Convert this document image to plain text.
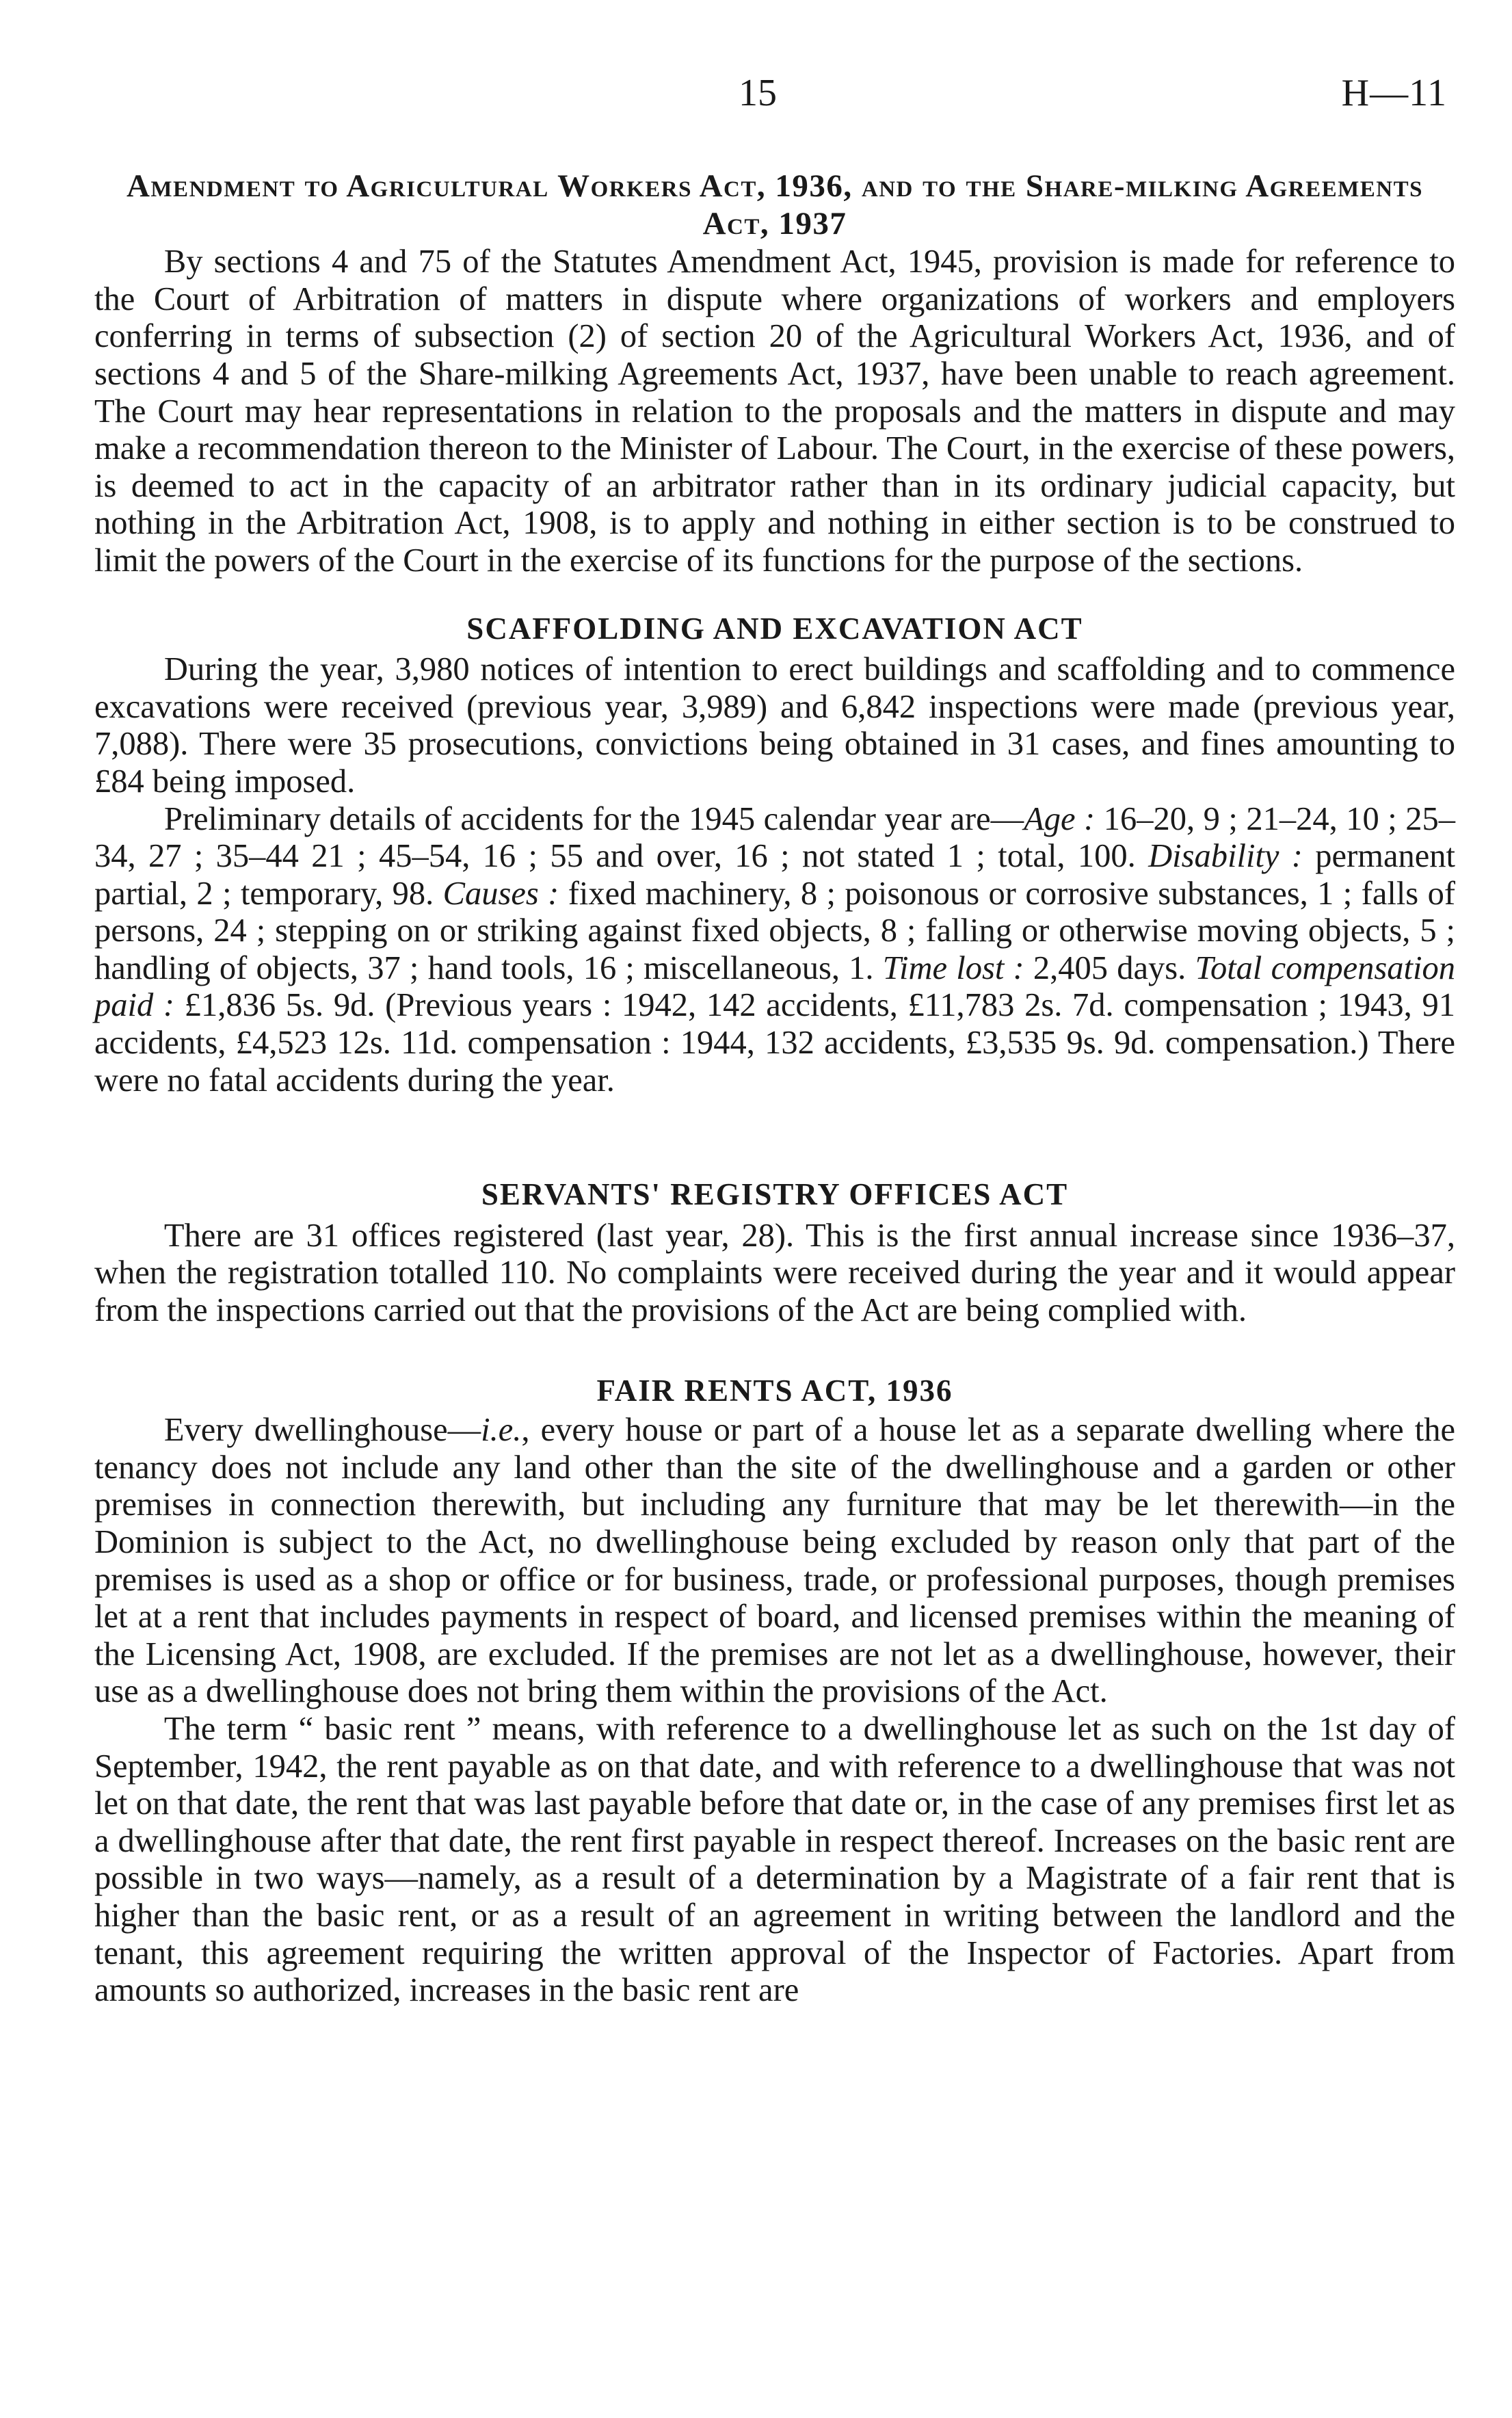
15	H—11
Amendment to Agricultural Workers Act, 1936, and to the Share-milking Agreements Act, 1937

By sections 4 and 75 of the Statutes Amendment Act, 1945, provision is made for reference to the Court of Arbitration of matters in dispute where organizations of workers and employers conferring in terms of subsection (2) of section 20 of the Agricultural Workers Act, 1936, and of sections 4 and 5 of the Share-milking Agreements Act, 1937, have been unable to reach agreement. The Court may hear representations in relation to the proposals and the matters in dispute and may make a recommendation thereon to the Minister of Labour. The Court, in the exercise of these powers, is deemed to act in the capacity of an arbitrator rather than in its ordinary judicial capacity, but nothing in the Arbitration Act, 1908, is to apply and nothing in either section is to be construed to limit the powers of the Court in the exercise of its functions for the purpose of the sections.

SCAFFOLDING AND EXCAVATION ACT

During the year, 3,980 notices of intention to erect buildings and scaffolding and to commence excavations were received (previous year, 3,989) and 6,842 inspections were made (previous year, 7,088). There were 35 prosecutions, convictions being obtained in 31 cases, and fines amounting to £84 being imposed.

Preliminary details of accidents for the 1945 calendar year are—Age : 16–20, 9 ; 21–24, 10 ; 25–34, 27 ; 35–44 21 ; 45–54, 16 ; 55 and over, 16 ; not stated 1 ; total, 100. Disability : permanent partial, 2 ; temporary, 98. Causes : fixed machinery, 8 ; poisonous or corrosive substances, 1 ; falls of persons, 24 ; stepping on or striking against fixed objects, 8 ; falling or otherwise moving objects, 5 ; handling of objects, 37 ; hand tools, 16 ; miscellaneous, 1. Time lost : 2,405 days. Total compensation paid : £1,836 5s. 9d. (Previous years : 1942, 142 accidents, £11,783 2s. 7d. compensation ; 1943, 91 accidents, £4,523 12s. 11d. compensation : 1944, 132 accidents, £3,535 9s. 9d. compensation.) There were no fatal accidents during the year.

SERVANTS' REGISTRY OFFICES ACT

There are 31 offices registered (last year, 28). This is the first annual increase since 1936–37, when the registration totalled 110. No complaints were received during the year and it would appear from the inspections carried out that the provisions of the Act are being complied with.

FAIR RENTS ACT, 1936

Every dwellinghouse—i.e., every house or part of a house let as a separate dwelling where the tenancy does not include any land other than the site of the dwellinghouse and a garden or other premises in connection therewith, but including any furniture that may be let therewith—in the Dominion is subject to the Act, no dwellinghouse being excluded by reason only that part of the premises is used as a shop or office or for business, trade, or professional purposes, though premises let at a rent that includes payments in respect of board, and licensed premises within the meaning of the Licensing Act, 1908, are excluded. If the premises are not let as a dwellinghouse, however, their use as a dwellinghouse does not bring them within the provisions of the Act.

The term “ basic rent ” means, with reference to a dwellinghouse let as such on the 1st day of September, 1942, the rent payable as on that date, and with reference to a dwellinghouse that was not let on that date, the rent that was last payable before that date or, in the case of any premises first let as a dwellinghouse after that date, the rent first payable in respect thereof. Increases on the basic rent are possible in two ways—namely, as a result of a determination by a Magistrate of a fair rent that is higher than the basic rent, or as a result of an agreement in writing between the landlord and the tenant, this agreement requiring the written approval of the Inspector of Factories. Apart from amounts so authorized, increases in the basic rent are
